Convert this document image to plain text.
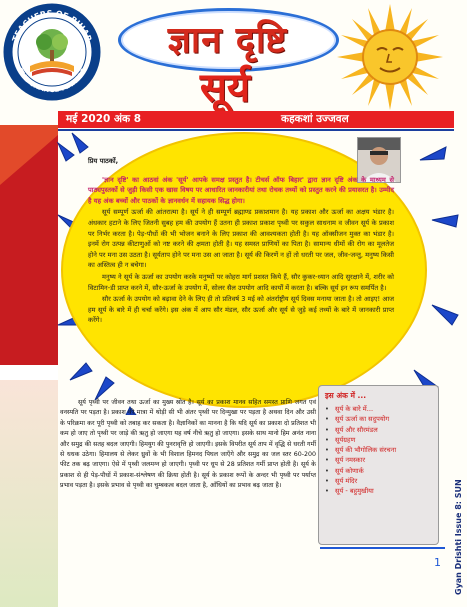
TEACHERS OF BIHAR
THE CHANGE MAKERS
ज्ञान दृष्टि
सूर्य
मई 2020 अंक 8	कहकशां उज्जवल

प्रिय पाठकों,

'ज्ञान दृष्टि' का आठवां अंक 'सूर्य' आपके समक्ष प्रस्तुत है। टीचर्स ऑफ बिहार' द्वारा ज्ञान दृष्टि अंक के माध्यम से पाठ्यपुस्तकों से जुड़ी किसी एक खास विषय पर आधारित जानकारीयां तथा रोचक तथ्यों को प्रस्तुत करने की प्रयासरत है। उम्मीद है यह अंक बच्चों और पाठकों के ज्ञानवर्धन में सहायक सिद्ध होगा।

सूर्य सम्पूर्ण ऊर्जा की आंतरात्मा है। सूर्य ने ही सम्पूर्ण ब्रह्माण्ड प्रकाशमान है। यह प्रकाश और ऊर्जा का अक्षय भंडार है। अंधकार हटाने के लिए जितनी सुबह हम की उपयोग हैं उतना ही प्रकाश प्रकाश पृथ्वी पर सकुल साधनाम व जीवन सूर्य के प्रकाश पर निर्भर करता है। पेड़-पौधों की भी भोजन बनाने के लिए प्रकाश की आवश्यकता होती है। यह ऑक्सीजन मुक्त का भंडार है। इनमें रोग उत्पन्न कीटाणुओं को नष्ट करने की क्षमता होती है। यह समस्त प्राणियों का पिता है। सामान्य धीमों की रोग का मूलतेज होने पर मना उस उठता है। सूर्यताप होने पर मना उस आ जाता है। सूर्य की किरणें न हों तो धरती पर जल, जीव-जन्तु, मनुष्य किसी का अस्तित्व ही न बचेगा।

मनुष्य ने सूर्य के ऊर्जा का उपयोग करके मनुष्यों पर कोहरा मार्ग प्रशस्त किये हैं, सौर कुकर-ध्यान आदि सुरक्षाने में, शरीर को विटामिन-डी प्राप्त करने में, सौर-ऊर्जा के उपयोग में, सोलर सैल उपयोग आदि कार्यों में करता है। बल्कि सूर्य इन रूप समर्पित है।

सौर ऊर्जा के उपयोग को बढ़ावा देने के लिए ही तो प्रतिवर्ष 3 मई को अंतर्राष्ट्रीय सूर्य दिवस मनाया जाता है। तो आइए! आज हम सूर्य के बारे में ही चर्चा करेंगे। इस अंक में आप सौर मंडल, सौर ऊर्जा और सूर्य से जुड़े कई तथ्यों के बारे में जानकारी प्राप्त करेंगे।

सूर्य पृथ्वी पर जीवन तथा ऊर्जा का मुख्य स्रोत है। सूर्य का प्रकाश मानव सहित समस्त प्राणि जगत एवं वनस्पति पर पड़ता है। प्रकाश की मात्रा में थोड़ी सी भी अंतर पृथ्वी पर दिन्मुखा पर पड़ता है अथवा दिन और उसी के परिक्रमा कर पूरी पृथ्वी को तबाह कर सकता है। वैज्ञानिकों का मानना है कि यदि सूर्य का प्रकाश दो प्रतिशत भी कम हो जाए तो पृथ्वी पर जाड़े की ऋतु हो जाएगा यह वर्ष नीचे ऋतु हो जाएगा। इसके साथ मानो हिम अनंत नाना और समुद्र की सतह बदल जाएगी। हिमयुग की पुनरावृत्ति हो जाएगी। इसके विपरीत सूर्य ताप में वृद्धि से धरती गर्मी से धधक उठेगा। हिमालय से लेकर ध्रुवों के भी विशाल हिमनद पिघल जाएँगे और समुद्र का जल स्तर 60-200 फीट तक बढ़ जाएगा। ऐसे में पृथ्वी जलमग्न हो जाएगी। पृथ्वी पर धूप से 28 प्रतिशत गर्मी प्राप्त होती है। सूर्य के प्रकाश से ही पेड़-पौधों में प्रकाश-संश्लेषण की क्रिया होती है। सूर्य के प्रकाश रूपों के अन्दर भी पृथ्वी पर पर्याप्त प्रभाव पड़ता है। इसके प्रभाव से पृथ्वी का चुम्बकत्व बदल जाता है, आँधियों का प्रभाव बढ़ जाता है।

इस अंक में ...
• सूर्य के बारे में...
• सूर्य ऊर्जा का सदुपयोग
• सूर्य और सौरमंडल
• सूर्यग्रहण
• सूर्य की भौगोलिक संरचना
• सूर्य नमस्कार
• सूर्य कोणार्क
• सूर्य मंदिर
• सूर्य - बहुमुखीया
1 Gyan Drishti Issue 8: SUN
